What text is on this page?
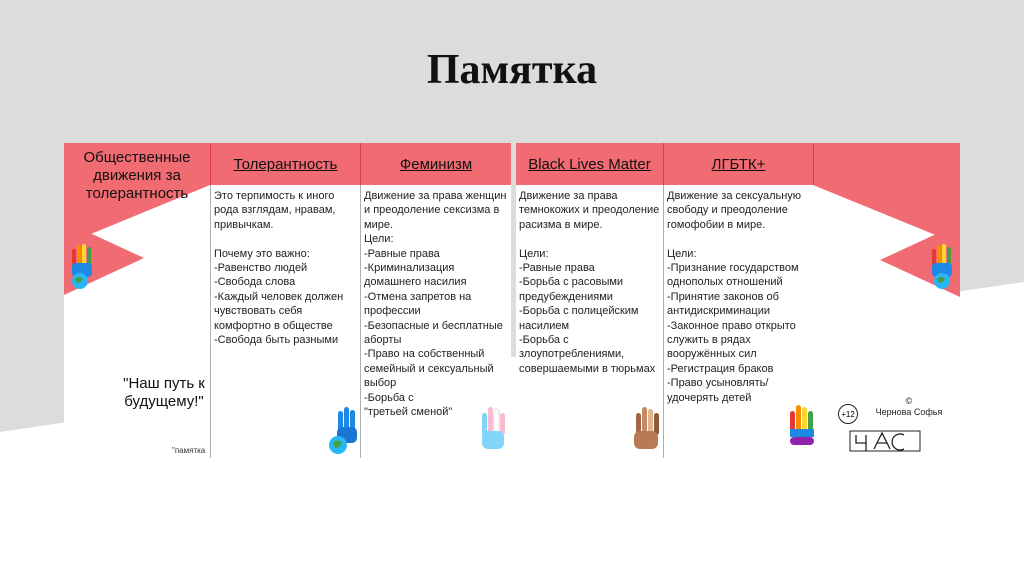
Памятка
Общественные
движения за
толерантность
Толерантность	Феминизм
Это терпимость к иного рода взглядам, нравам, привычкам.

Почему это важно:
-Равенство людей
-Свобода слова
-Каждый человек должен чувствовать себя комфортно в обществе
-Свобода быть разными
Движение за права женщин и преодоление сексизма в мире.
Цели:
-Равные права
-Криминализация домашнего насилия
-Отмена запретов на профессии
-Безопасные и бесплатные аборты
-Право на собственный семейный и сексуальный выбор
-Борьба с
"третьей сменой"
"Наш путь к будущему!"
"памятка
Black Lives Matter	ЛГБТК+
Движение за права темнокожих и преодоление расизма в мире.

Цели:
-Равные права
-Борьба с расовыми предубеждениями
-Борьба с полицейским насилием
-Борьба с злоупотреблениями, совершаемыми в тюрьмах
Движение за сексуальную свободу и преодоление гомофобии в мире.

Цели:
-Признание государством однополых отношений
-Принятие законов об антидискриминации
-Законное право открыто служить в рядах вооружённых сил
-Регистрация браков
-Право усыновлять/ удочерять детей
+12
©
Чернова Софья
